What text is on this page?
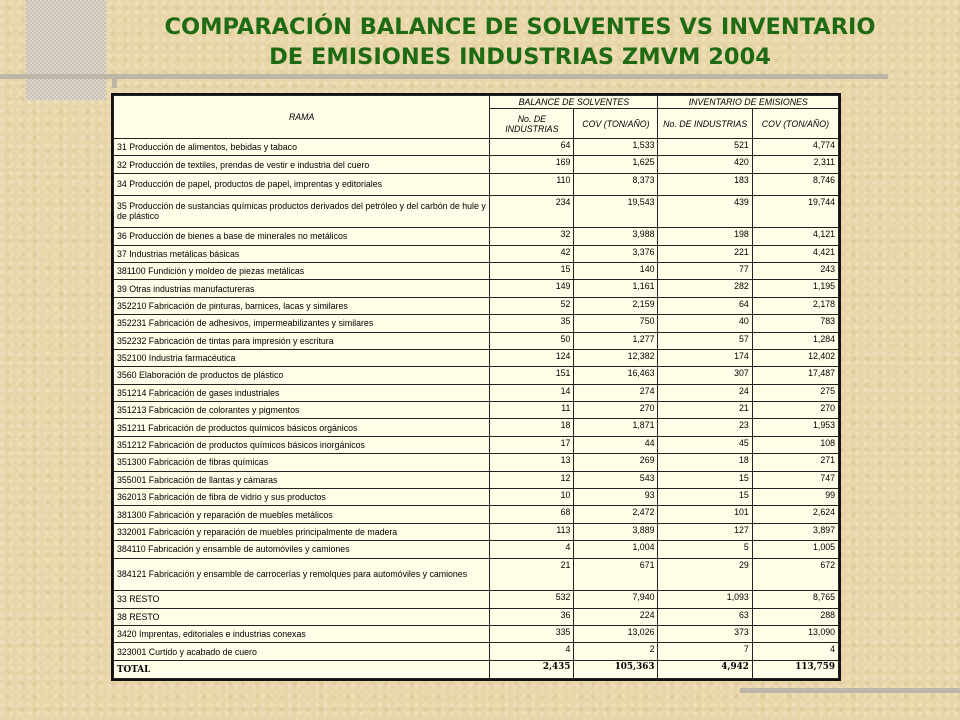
COMPARACIÓN BALANCE DE SOLVENTES VS INVENTARIO
DE EMISIONES INDUSTRIAS ZMVM 2004
RAMA	BALANCE DE SOLVENTES		INVENTARIO DE EMISIONES	
	No. DE INDUSTRIAS	COV (TON/AÑO)	No. DE INDUSTRIAS	COV (TON/AÑO)
31 Producción de alimentos, bebidas y tabaco	64	1,533	521	4,774
32 Producción de textiles, prendas de vestir e industria del cuero	169	1,625	420	2,311
34 Producción de papel, productos de papel, imprentas y editoriales	110	8,373	183	8,746
35 Producción de sustancias químicas productos derivados del petróleo y del carbón de hule y de plástico	234	19,543	439	19,744
36 Producción de bienes a base de minerales no metálicos	32	3,988	198	4,121
37 Industrias metálicas básicas	42	3,376	221	4,421
381100 Fundición y moldeo de piezas metálicas	15	140	77	243
39 Otras industrias manufactureras	149	1,161	282	1,195
352210 Fabricación de pinturas, barnices, lacas y similares	52	2,159	64	2,178
352231 Fabricación de adhesivos, impermeabilizantes y similares	35	750	40	783
352232 Fabricación de tintas para impresión y escritura	50	1,277	57	1,284
352100 Industria farmacéutica	124	12,382	174	12,402
3560 Elaboración de productos de plástico	151	16,463	307	17,487
351214 Fabricación de gases industriales	14	274	24	275
351213 Fabricación de colorantes y pigmentos	11	270	21	270
351211 Fabricación de productos químicos básicos orgánicos	18	1,871	23	1,953
351212 Fabricación de productos químicos básicos inorgánicos	17	44	45	108
351300 Fabricación de fibras químicas	13	269	18	271
355001 Fabricación de llantas y cámaras	12	543	15	747
362013 Fabricación de fibra de vidrio y sus productos	10	93	15	99
381300 Fabricación y reparación de muebles metálicos	68	2,472	101	2,624
332001 Fabricación y reparación de muebles principalmente de madera	113	3,889	127	3,897
384110 Fabricación y ensamble de automóviles y camiones	4	1,004	5	1,005
384121 Fabricación y ensamble de carrocerías y remolques para automóviles y camiones	21	671	29	672
33 RESTO	532	7,940	1,093	8,765
38 RESTO	36	224	63	288
3420 Imprentas, editoriales e industrias conexas	335	13,026	373	13,090
323001 Curtido y acabado de cuero	4	2	7	4
TOTAL	2,435	105,363	4,942	113,759
